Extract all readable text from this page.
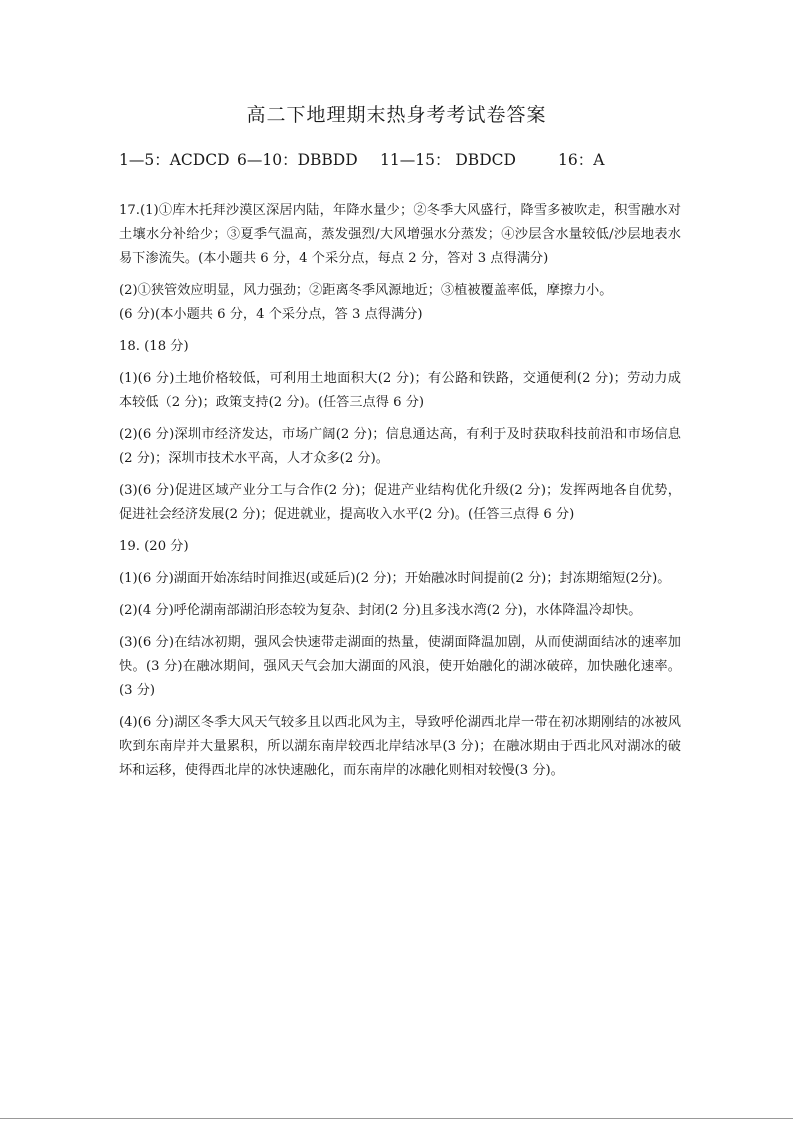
高二下地理期末热身考考试卷答案
1—5：ACDCD 6—10：DBBDD 11—15： DBDCD	16：A

17.(1)①库木托拜沙漠区深居内陆，年降水量少；②冬季大风盛行，降雪多被吹走，积雪融水对土壤水分补给少；③夏季气温高，蒸发强烈/大风增强水分蒸发；④沙层含水量较低/沙层地表水易下渗流失。(本小题共 6 分，4 个采分点，每点 2 分，答对 3 点得满分)

(2)①狭管效应明显，风力强劲；②距离冬季风源地近；③植被覆盖率低，摩擦力小。

(6 分)(本小题共 6 分，4 个采分点，答 3 点得满分)

18. (18 分)

(1)(6 分)土地价格较低，可利用土地面积大(2 分)；有公路和铁路，交通便利(2 分)；劳动力成本较低（2 分)；政策支持(2 分)。(任答三点得 6 分)

(2)(6 分)深圳市经济发达，市场广阔(2 分)；信息通达高，有利于及时获取科技前沿和市场信息(2 分)；深圳市技术水平高，人才众多(2 分)。

(3)(6 分)促进区域产业分工与合作(2 分)；促进产业结构优化升级(2 分)；发挥两地各自优势，促进社会经济发展(2 分)；促进就业，提高收入水平(2 分)。(任答三点得 6 分)

19. (20 分)

(1)(6 分)湖面开始冻结时间推迟(或延后)(2 分)；开始融冰时间提前(2 分)；封冻期缩短(2分)。

(2)(4 分)呼伦湖南部湖泊形态较为复杂、封闭(2 分)且多浅水湾(2 分)，水体降温冷却快。

(3)(6 分)在结冰初期，强风会快速带走湖面的热量，使湖面降温加剧，从而使湖面结冰的速率加快。(3 分)在融冰期间，强风天气会加大湖面的风浪，使开始融化的湖冰破碎，加快融化速率。(3 分)

(4)(6 分)湖区冬季大风天气较多且以西北风为主，导致呼伦湖西北岸一带在初冰期刚结的冰被风吹到东南岸并大量累积，所以湖东南岸较西北岸结冰早(3 分)；在融冰期由于西北风对湖冰的破坏和运移，使得西北岸的冰快速融化，而东南岸的冰融化则相对较慢(3 分)。
